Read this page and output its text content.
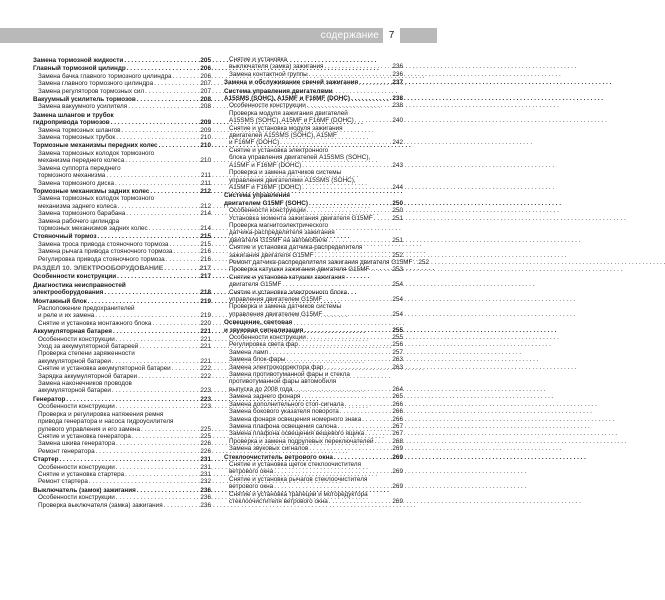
содержание 7
Замена тормозной жидкости . . .	205
Главный тормозной цилиндр . . .	206
Замена бачка главного тормозного цилиндра . . .	206
Замена главного тормозного цилиндра . . .	207
Замена регуляторов тормозных сил . . .	207
Вакуумный усилитель тормозов . . .	208
Замена вакуумного усилителя . . .	208
Замена шлангов и трубок
гидропривода тормозов . . .	209
Замена тормозных шлангов . . .	209
Замена тормозных трубок . . .	210
Тормозные механизмы передних колес . . .	210
Замена тормозных колодок тормозного
механизма переднего колеса . . .	210
Замена суппорта переднего
тормозного механизма . . .	211
Замена тормозного диска . . .	211
Тормозные механизмы задних колес . . .	212
Замена тормозных колодок тормозного
механизма заднего колеса . . .	212
Замена тормозного барабана . . .	214
Замена рабочего цилиндра
тормозных механизмов задних колес . . .	214
Стояночный тормоз . . .	215
Замена троса привода стояночного тормоза . . .	215
Замена рычага привода стояночного тормоза . . .	216
Регулировка привода стояночного тормоза . . .	216
РАЗДЕЛ 10. ЭЛЕКТРООБОРУДОВАНИЕ . . .	217
Особенности конструкции . . .	217
Диагностика неисправностей
электрооборудования . . .	218
Монтажный блок . . .	219
Расположение предохранителей
и реле и их замена . . .	219
Снятие и установка монтажного блока . . .	220
Аккумуляторная батарея . . .	221
Особенности конструкции . . .	221
Уход за аккумуляторной батареей . . .	221
Проверка степени заряженности
аккумуляторной батареи . . .	221
Снятие и установка аккумуляторной батареи . . .	222
Зарядка аккумуляторной батареи . . .	222
Замена наконечников проводов
аккумуляторной батареи . . .	223
Генератор . . .	223
Особенности конструкции . . .	223
Проверка и регулировка натяжения ремня
привода генератора и насоса гидроусилителя
рулевого управления и его замена . . .	225
Снятие и установка генератора . . .	225
Замена шкива генератора . . .	226
Ремонт генератора . . .	226
Стартер . . .	231
Особенности конструкции . . .	231
Снятие и установка стартера . . .	231
Ремонт стартера . . .	232
Выключатель (замок) зажигания . . .	236
Особенности конструкции . . .	236
Проверка выключателя (замка) зажигания . . .	236
Снятие и установка
выключателя (замка) зажигания . . .	236
Замена контактной группы . . .	236
Замена и обслуживание свечей зажигания . . .	237
Система управления двигателями
A15SMS (SOHC), A15MF и F16MF (DOHC) . . .	238
Особенности конструкции . . .	238
Проверка модуля зажигания двигателей
A15SMS (SOHC), A15MF и F16MF (DOHC) . . .	240
Снятие и установка модуля зажигания
двигателей A15SMS (SOHC), A15MF
и F16MF (DOHC) . . .	242
Снятие и установка электронного
блока управления двигателей A15SMS (SOHC),
A15MF и F16MF (DOHC) . . .	243
Проверка и замена датчиков системы
управления двигателями A15SMS (SOHC),
A15MF и F16MF (DOHC) . . .	244
Система управления
двигателем G15MF (SOHC) . . .	250
Особенности конструкции . . .	250
Установка момента зажигания двигателя G15MF . . .	251
Проверка магнитоэлектрического
датчика-распределителя зажигания
двигателя G15MF на автомобиле . . .	251
Снятие и установка датчика-распределителя
зажигания двигателя G15MF . . .	252
Ремонт датчика-распределителя зажигания двигателя G15MF . . . 252
Проверка катушки зажигания двигателя G15MF . . .	253
Снятие и установка катушки зажигания
двигателя G15MF . . .	254
Снятие и установка электронного блока
управления двигателем G15MF . . .	254
Проверка и замена датчиков системы
управления двигателем G15MF . . .	254
Освещение, световая
и звуковая сигнализация . . .	255
Особенности конструкции . . .	255
Регулировка света фар . . .	256
Замена ламп . . .	257
Замена блок-фары . . .	263
Замена электрокорректора фар . . .	263
Замена противотуманной фары и стекла
противотуманной фары автомобиля
выпуска до 2008 года . . .	264
Замена заднего фонаря . . .	265
Замена дополнительного стоп-сигнала . . .	266
Замена бокового указателя поворота . . .	266
Замена фонаря освещения номерного знака . . .	266
Замена плафона освещения салона . . .	267
Замена плафона освещения вещевого ящика . . .	267
Проверка и замена подрулевых переключателей . . .	268
Замена звуковых сигналов . . .	269
Стеклоочиститель ветрового окна . . .	269
Снятие и установка щеток стеклоочистителя
ветрового окна . . .	269
Снятие и установка рычагов стеклоочистителя
ветрового окна . . .	269
Снятие и установка трапеции и моторедуктора
стеклоочистителя ветрового окна . . .	269
